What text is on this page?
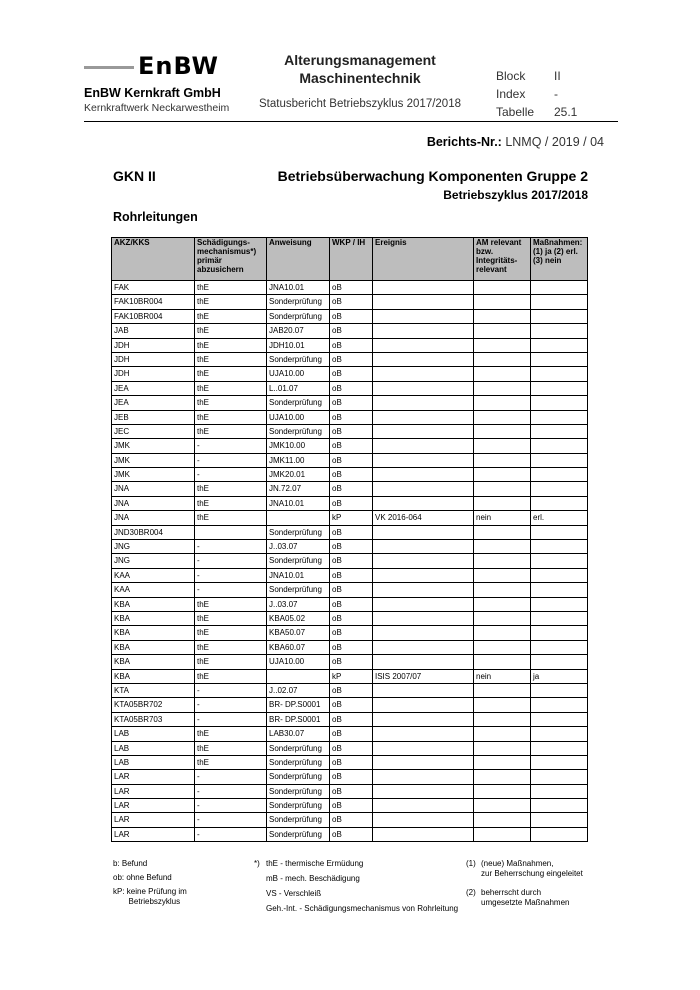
EnBW
EnBW Kernkraft GmbH
Kernkraftwerk Neckarwestheim
Alterungsmanagement
Maschinentechnik
Statusbericht Betriebszyklus 2017/2018
Block II
Index -
Tabelle 25.1
Berichts-Nr.: LNMQ / 2019 / 04
GKN II	Betriebsüberwachung Komponenten Gruppe 2
Betriebszyklus 2017/2018
Rohrleitungen
AKZ/KKS	Schädigungs-mechanismus*) primär abzusichern	Anweisung	WKP / IH	Ereignis	AM relevant bzw. Integritäts-relevant	Maßnahmen: (1) ja (2) erl. (3) nein
FAK	thE	JNA10.01	oB			
FAK10BR004	thE	Sonderprüfung	oB			
FAK10BR004	thE	Sonderprüfung	oB			
JAB	thE	JAB20.07	oB			
JDH	thE	JDH10.01	oB			
JDH	thE	Sonderprüfung	oB			
JDH	thE	UJA10.00	oB			
JEA	thE	L..01.07	oB			
JEA	thE	Sonderprüfung	oB			
JEB	thE	UJA10.00	oB			
JEC	thE	Sonderprüfung	oB			
JMK	-	JMK10.00	oB			
JMK	-	JMK11.00	oB			
JMK	-	JMK20.01	oB			
JNA	thE	JN.72.07	oB			
JNA	thE	JNA10.01	oB			
JNA	thE		kP	VK 2016-064	nein	erl.
JND30BR004		Sonderprüfung	oB			
JNG	-	J..03.07	oB			
JNG	-	Sonderprüfung	oB			
KAA	-	JNA10.01	oB			
KAA	-	Sonderprüfung	oB			
KBA	thE	J..03.07	oB			
KBA	thE	KBA05.02	oB			
KBA	thE	KBA50.07	oB			
KBA	thE	KBA60.07	oB			
KBA	thE	UJA10.00	oB			
KBA	thE		kP	ISIS 2007/07	nein	ja
KTA	-	J..02.07	oB			
KTA05BR702	-	BR- DP.S0001	oB			
KTA05BR703	-	BR- DP.S0001	oB			
LAB	thE	LAB30.07	oB			
LAB	thE	Sonderprüfung	oB			
LAB	thE	Sonderprüfung	oB			
LAR	-	Sonderprüfung	oB			
LAR	-	Sonderprüfung	oB			
LAR	-	Sonderprüfung	oB			
LAR	-	Sonderprüfung	oB			
LAR	-	Sonderprüfung	oB			
b: Befund
ob: ohne Befund
kP: keine Prüfung im
Betriebszyklus
*) thE - thermische Ermüdung
mB - mech. Beschädigung
VS - Verschleiß
Geh.-Int. - Schädigungsmechanismus von Rohrleitung
(1) (neue) Maßnahmen,
zur Beherrschung eingeleitet
(2) beherrscht durch
umgesetzte Maßnahmen
